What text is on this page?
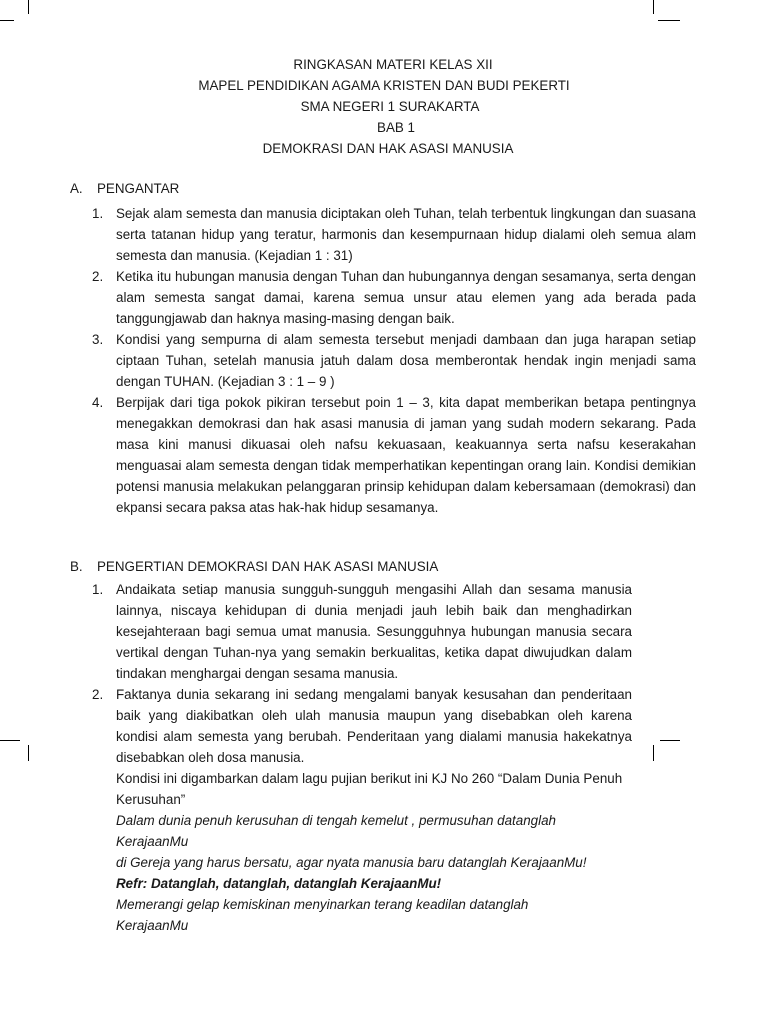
RINGKASAN MATERI KELAS XII
MAPEL PENDIDIKAN AGAMA KRISTEN DAN BUDI PEKERTI
SMA NEGERI 1 SURAKARTA
BAB 1
DEMOKRASI DAN HAK ASASI MANUSIA
A. PENGANTAR
1. Sejak alam semesta dan manusia diciptakan oleh Tuhan, telah terbentuk lingkungan dan suasana serta tatanan hidup yang teratur, harmonis dan kesempurnaan hidup dialami oleh semua alam semesta dan manusia. (Kejadian 1 : 31)
2. Ketika itu hubungan manusia dengan Tuhan dan hubungannya dengan sesamanya, serta dengan alam semesta sangat damai, karena semua unsur atau elemen yang ada berada pada tanggungjawab dan haknya masing-masing dengan baik.
3. Kondisi yang sempurna di alam semesta tersebut menjadi dambaan dan juga harapan setiap ciptaan Tuhan, setelah manusia jatuh dalam dosa memberontak hendak ingin menjadi sama dengan TUHAN. (Kejadian 3 : 1 – 9 )
4. Berpijak dari tiga pokok pikiran tersebut poin 1 – 3, kita dapat memberikan betapa pentingnya menegakkan demokrasi dan hak asasi manusia di jaman yang sudah modern sekarang. Pada masa kini manusi dikuasai oleh nafsu kekuasaan, keakuannya serta nafsu keserakahan menguasai alam semesta dengan tidak memperhatikan kepentingan orang lain. Kondisi demikian potensi manusia melakukan pelanggaran prinsip kehidupan dalam kebersamaan (demokrasi) dan ekpansi secara paksa atas hak-hak hidup sesamanya.
B. PENGERTIAN DEMOKRASI DAN HAK ASASI MANUSIA
1. Andaikata setiap manusia sungguh-sungguh mengasihi Allah dan sesama manusia lainnya, niscaya kehidupan di dunia menjadi jauh lebih baik dan menghadirkan kesejahteraan bagi semua umat manusia. Sesungguhnya hubungan manusia secara vertikal dengan Tuhan-nya yang semakin berkualitas, ketika dapat diwujudkan dalam tindakan menghargai dengan sesama manusia.
2. Faktanya dunia sekarang ini sedang mengalami banyak kesusahan dan penderitaan baik yang diakibatkan oleh ulah manusia maupun yang disebabkan oleh karena kondisi alam semesta yang berubah. Penderitaan yang dialami manusia hakekatnya disebabkan oleh dosa manusia.

Kondisi ini digambarkan dalam lagu pujian berikut ini KJ No 260 “Dalam Dunia Penuh Kerusuhan”

Dalam dunia penuh kerusuhan di tengah kemelut , permusuhan datanglah KerajaanMu

di Gereja yang harus bersatu, agar nyata manusia baru datanglah KerajaanMu!

Refr: Datanglah, datanglah, datanglah KerajaanMu!

Memerangi gelap kemiskinan menyinarkan terang keadilan datanglah KerajaanMu
